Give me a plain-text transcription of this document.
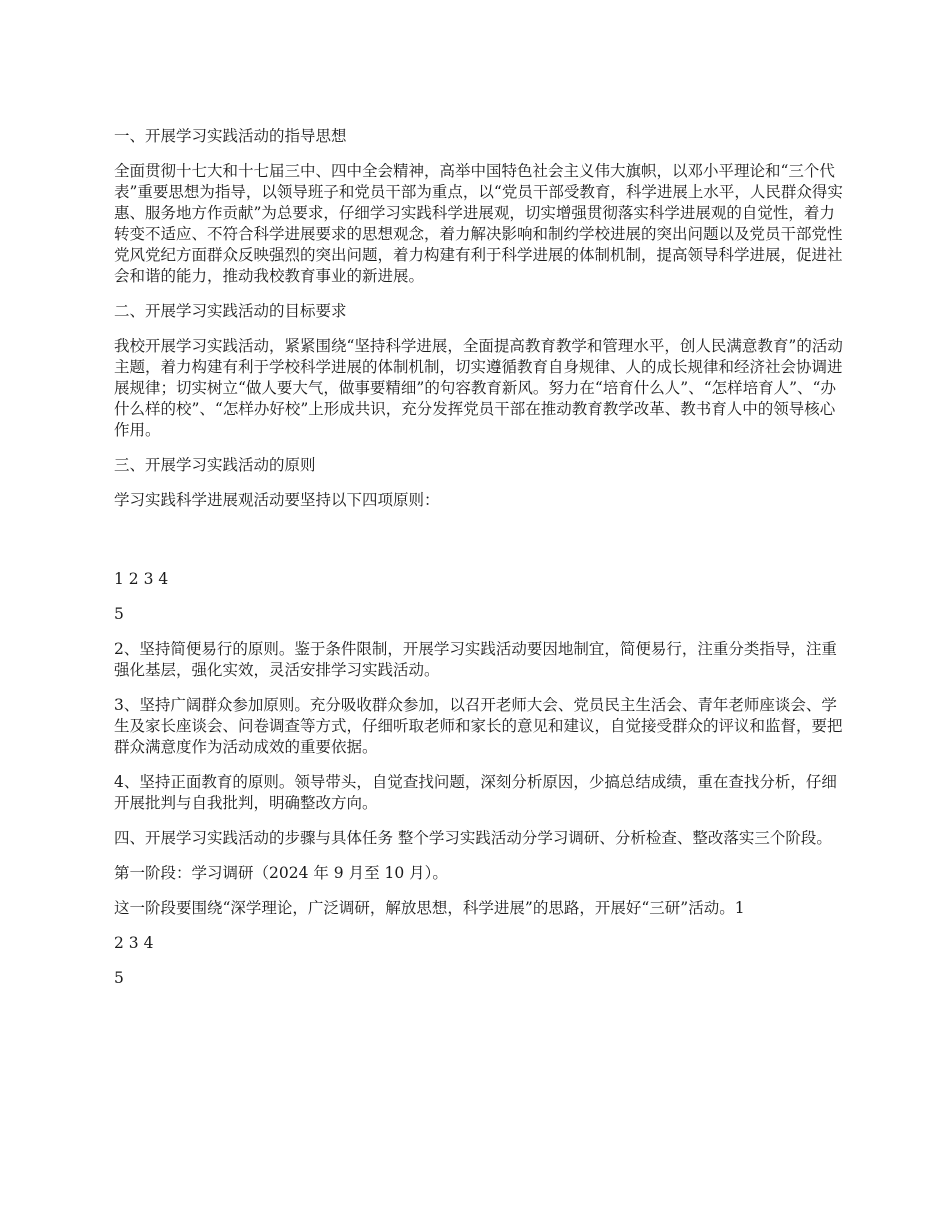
一、开展学习实践活动的指导思想

全面贯彻十七大和十七届三中、四中全会精神，高举中国特色社会主义伟大旗帜，以邓小平理论和“三个代表”重要思想为指导，以领导班子和党员干部为重点，以“党员干部受教育，科学进展上水平，人民群众得实惠、服务地方作贡献”为总要求，仔细学习实践科学进展观，切实增强贯彻落实科学进展观的自觉性，着力转变不适应、不符合科学进展要求的思想观念，着力解决影响和制约学校进展的突出问题以及党员干部党性党风党纪方面群众反映强烈的突出问题，着力构建有利于科学进展的体制机制，提高领导科学进展，促进社会和谐的能力，推动我校教育事业的新进展。

二、开展学习实践活动的目标要求

我校开展学习实践活动，紧紧围绕“坚持科学进展，全面提高教育教学和管理水平，创人民满意教育”的活动主题，着力构建有利于学校科学进展的体制机制，切实遵循教育自身规律、人的成长规律和经济社会协调进展规律；切实树立“做人要大气，做事要精细”的句容教育新风。努力在“培育什么人”、“怎样培育人”、“办什么样的校”、“怎样办好校”上形成共识，充分发挥党员干部在推动教育教学改革、教书育人中的领导核心作用。

三、开展学习实践活动的原则

学习实践科学进展观活动要坚持以下四项原则：

1 2 3 4

5

2、坚持简便易行的原则。鉴于条件限制，开展学习实践活动要因地制宜，简便易行，注重分类指导，注重强化基层，强化实效，灵活安排学习实践活动。

3、坚持广阔群众参加原则。充分吸收群众参加，以召开老师大会、党员民主生活会、青年老师座谈会、学生及家长座谈会、问卷调查等方式，仔细听取老师和家长的意见和建议，自觉接受群众的评议和监督，要把群众满意度作为活动成效的重要依据。

4、坚持正面教育的原则。领导带头，自觉查找问题，深刻分析原因，少搞总结成绩，重在查找分析，仔细开展批判与自我批判，明确整改方向。

四、开展学习实践活动的步骤与具体任务 整个学习实践活动分学习调研、分析检查、整改落实三个阶段。

第一阶段：学习调研（2024 年 9 月至 10 月）。

这一阶段要围绕“深学理论，广泛调研，解放思想，科学进展”的思路，开展好“三研”活动。1

2 3 4

5
